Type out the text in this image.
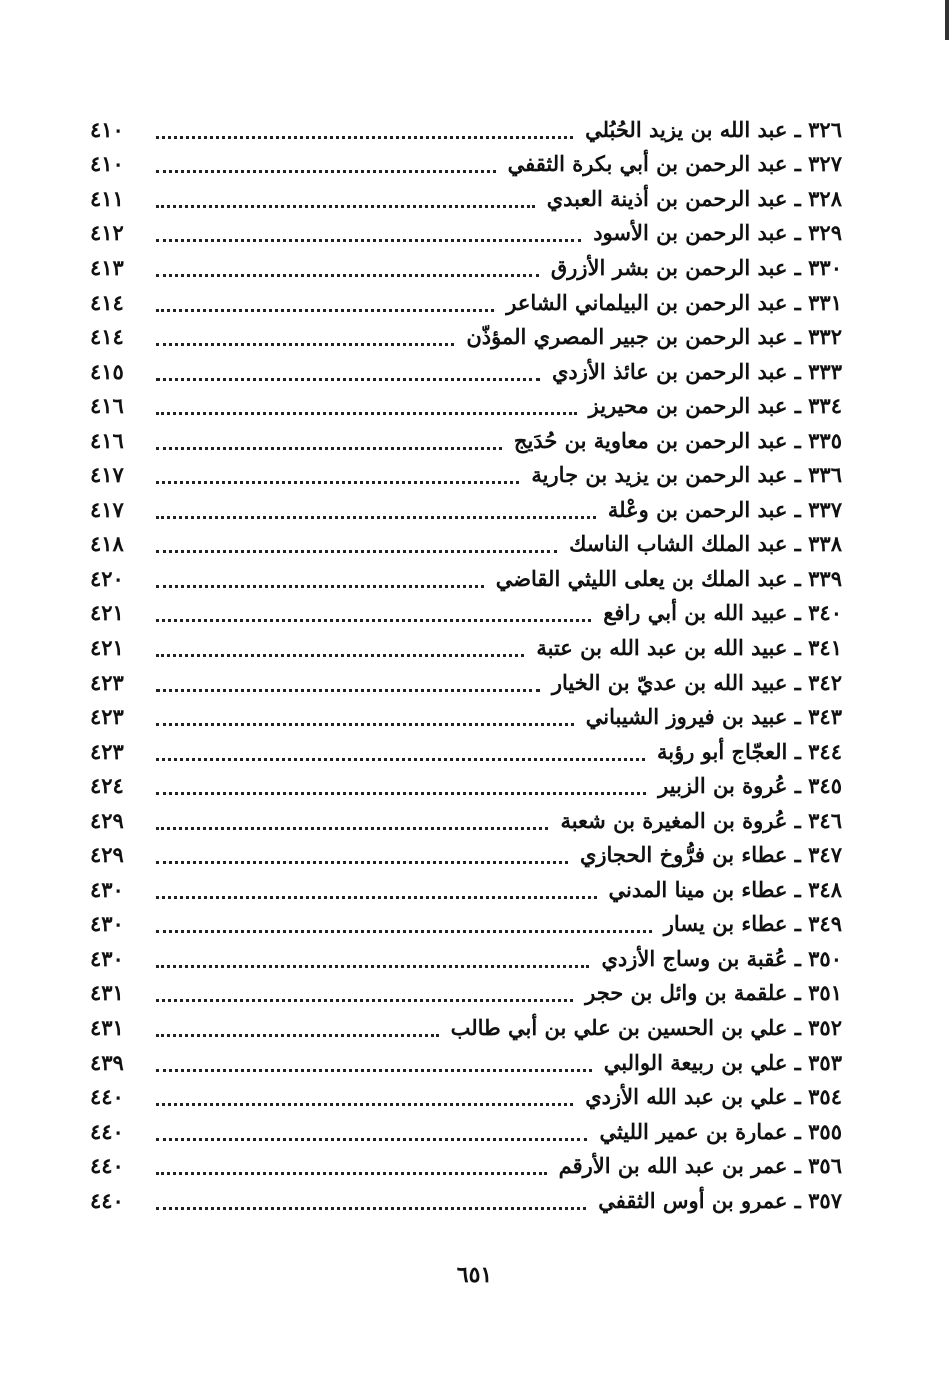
٣٢٦ ـ عبد الله بن يزيد الحُبُلي
٤١٠
٣٢٧ ـ عبد الرحمن بن أبي بكرة الثقفي
٤١٠
٣٢٨ ـ عبد الرحمن بن أذينة العبدي
٤١١
٣٢٩ ـ عبد الرحمن بن الأسود
٤١٢
٣٣٠ ـ عبد الرحمن بن بشر الأزرق
٤١٣
٣٣١ ـ عبد الرحمن بن البيلماني الشاعر
٤١٤
٣٣٢ ـ عبد الرحمن بن جبير المصري المؤذّن
٤١٤
٣٣٣ ـ عبد الرحمن بن عائذ الأزدي
٤١٥
٣٣٤ ـ عبد الرحمن بن محيريز
٤١٦
٣٣٥ ـ عبد الرحمن بن معاوية بن حُدَيج
٤١٦
٣٣٦ ـ عبد الرحمن بن يزيد بن جارية
٤١٧
٣٣٧ ـ عبد الرحمن بن وعْلة
٤١٧
٣٣٨ ـ عبد الملك الشاب الناسك
٤١٨
٣٣٩ ـ عبد الملك بن يعلى الليثي القاضي
٤٢٠
٣٤٠ ـ عبيد الله بن أبي رافع
٤٢١
٣٤١ ـ عبيد الله بن عبد الله بن عتبة
٤٢١
٣٤٢ ـ عبيد الله بن عديّ بن الخيار
٤٢٣
٣٤٣ ـ عبيد بن فيروز الشيباني
٤٢٣
٣٤٤ ـ العجّاج أبو رؤبة
٤٢٣
٣٤٥ ـ عُروة بن الزبير
٤٢٤
٣٤٦ ـ عُروة بن المغيرة بن شعبة
٤٢٩
٣٤٧ ـ عطاء بن فرُّوخ الحجازي
٤٢٩
٣٤٨ ـ عطاء بن مينا المدني
٤٣٠
٣٤٩ ـ عطاء بن يسار
٤٣٠
٣٥٠ ـ عُقبة بن وساج الأزدي
٤٣٠
٣٥١ ـ علقمة بن وائل بن حجر
٤٣١
٣٥٢ ـ علي بن الحسين بن علي بن أبي طالب
٤٣١
٣٥٣ ـ علي بن ربيعة الوالبي
٤٣٩
٣٥٤ ـ علي بن عبد الله الأزدي
٤٤٠
٣٥٥ ـ عمارة بن عمير الليثي
٤٤٠
٣٥٦ ـ عمر بن عبد الله بن الأرقم
٤٤٠
٣٥٧ ـ عمرو بن أوس الثقفي
٤٤٠
٦٥١
